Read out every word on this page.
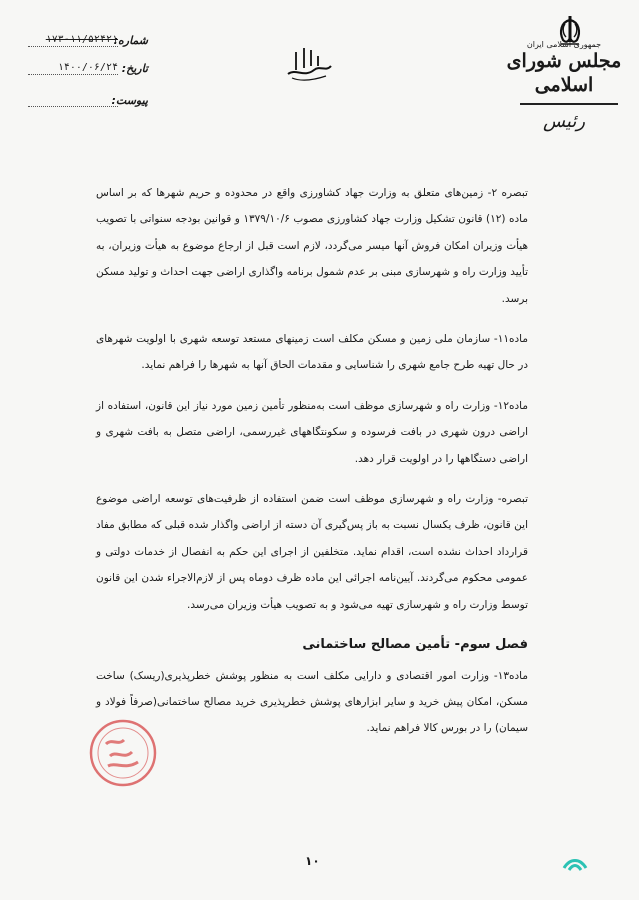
جمهوری اسلامی ایران
مجلس شورای اسلامی
رئیس
شماره:
۱۷۳-۱۱/۵۲۴۲۱
تاریخ:
۱۴۰۰/۰۶/۲۴
پیوست:

تبصره ۲- زمین‌های متعلق به وزارت جهاد کشاورزی واقع در محدوده و حریم شهرها که بر اساس ماده (۱۲) قانون تشکیل وزارت جهاد کشاورزی مصوب ۱۳۷۹/۱۰/۶ و قوانین بودجه سنواتی با تصویب هیأت وزیران امکان فروش آنها میسر می‌گردد، لازم است قبل از ارجاع موضوع به هیأت وزیران، به تأیید وزارت راه و شهرسازی مبنی بر عدم شمول برنامه واگذاری اراضی جهت احداث و تولید مسکن برسد.

ماده۱۱- سازمان ملی زمین و مسکن مکلف است زمینهای مستعد توسعه شهری با اولویت شهرهای در حال تهیه طرح جامع شهری را شناسایی و مقدمات الحاق آنها به شهرها را فراهم نماید.

ماده۱۲- وزارت راه و شهرسازی موظف است به‌منظور تأمین زمین مورد نیاز این قانون، استفاده از اراضی درون شهری در بافت فرسوده و سکونتگاههای غیررسمی، اراضی متصل به بافت شهری و اراضی دستگاهها را در اولویت قرار دهد.

تبصره- وزارت راه و شهرسازی موظف است ضمن استفاده از ظرفیت‌های توسعه اراضی موضوع این قانون، ظرف یکسال نسبت به باز پس‌گیری آن دسته از اراضی واگذار شده قبلی که مطابق مفاد قرارداد احداث نشده است، اقدام نماید. متخلفین از اجرای این حکم به انفصال از خدمات دولتی و عمومی محکوم می‌گردند. آیین‌نامه اجرائی این ماده ظرف دوماه پس از لازم‌الاجراء شدن این قانون توسط وزارت راه و شهرسازی تهیه می‌شود و به تصویب هیأت وزیران می‌رسد.

فصل سوم- تأمین مصالح ساختمانی

ماده۱۳- وزارت امور اقتصادی و دارایی مکلف است به منظور پوشش خطرپذیری(ریسک) ساخت مسکن، امکان پیش خرید و سایر ابزارهای پوشش خطرپذیری خرید مصالح ساختمانی(صرفاً فولاد و سیمان) را در بورس کالا فراهم نماید.

۱۰
